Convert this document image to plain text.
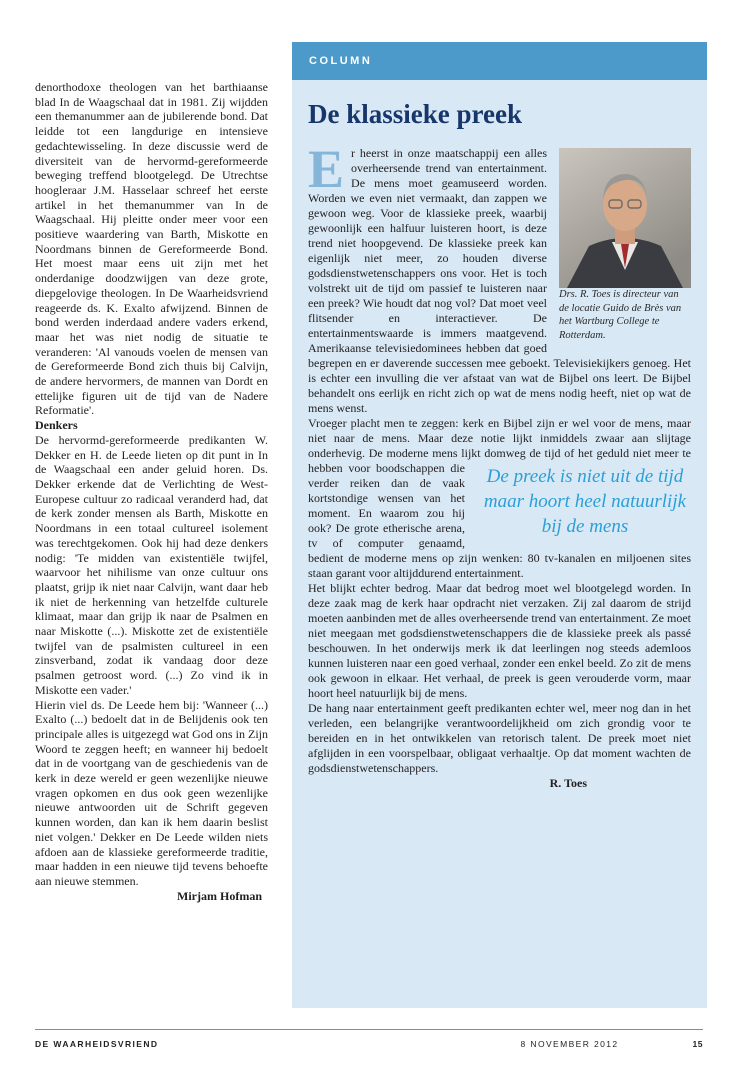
denorthodoxe theologen van het barthiaanse blad In de Waagschaal dat in 1981. Zij wijdden een themanummer aan de jubilerende bond. Dat leidde tot een langdurige en intensieve gedachtewisseling. In deze discussie werd de diversiteit van de hervormd-gereformeerde beweging treffend blootgelegd. De Utrechtse hoogleraar J.M. Hasselaar schreef het eerste artikel in het themanummer van In de Waagschaal. Hij pleitte onder meer voor een positieve waardering van Barth, Miskotte en Noordmans binnen de Gereformeerde Bond. Het moest maar eens uit zijn met het onderdanige doodzwijgen van deze grote, diepgelovige theologen. In De Waarheidsvriend reageerde ds. K. Exalto afwijzend. Binnen de bond werden inderdaad andere vaders erkend, maar het was niet nodig de situatie te veranderen: 'Al vanouds voelen de mensen van de Gereformeerde Bond zich thuis bij Calvijn, de andere hervormers, de mannen van Dordt en ettelijke figuren uit de tijd van de Nadere Reformatie'.

Denkers

De hervormd-gereformeerde predikanten W. Dekker en H. de Leede lieten op dit punt in In de Waagschaal een ander geluid horen. Ds. Dekker erkende dat de Verlichting de West-Europese cultuur zo radicaal veranderd had, dat de kerk zonder mensen als Barth, Miskotte en Noordmans in een totaal cultureel isolement was terechtgekomen. Ook hij had deze denkers nodig: 'Te midden van existentiële twijfel, waarvoor het nihilisme van onze cultuur ons plaatst, grijp ik niet naar Calvijn, want daar heb ik niet de herkenning van hetzelfde culturele klimaat, maar dan grijp ik naar de Psalmen en naar Miskotte (...). Miskotte zet de existentiële twijfel van de psalmisten cultureel in een zinsverband, zodat ik vandaag door deze psalmen getroost word. (...) Zo vind ik in Miskotte een vader.'

Hierin viel ds. De Leede hem bij: 'Wanneer (...) Exalto (...) bedoelt dat in de Belijdenis ook ten principale alles is uitgezegd wat God ons in Zijn Woord te zeggen heeft; en wanneer hij bedoelt dat in de voortgang van de geschiedenis van de kerk in deze wereld er geen wezenlijke nieuwe vragen opkomen en dus ook geen wezenlijke nieuwe antwoorden uit de Schrift gegeven kunnen worden, dan kan ik hem daarin beslist niet volgen.' Dekker en De Leede wilden niets afdoen aan de klassieke gereformeerde traditie, maar hadden in een nieuwe tijd tevens behoefte aan nieuwe stemmen.

Mirjam Hofman

COLUMN
De klassieke preek

Drs. R. Toes is directeur van de locatie Guido de Brès van het Wartburg College te Rotterdam.

Er heerst in onze maatschappij een alles overheersende trend van entertainment. De mens moet geamuseerd worden. Worden we even niet vermaakt, dan zappen we gewoon weg. Voor de klassieke preek, waarbij gewoonlijk een halfuur luisteren hoort, is deze trend niet hoopgevend. De klassieke preek kan eigenlijk niet meer, zo houden diverse godsdienstwetenschappers ons voor. Het is toch volstrekt uit de tijd om passief te luisteren naar een preek? Wie houdt dat nog vol? Dat moet veel flitsender en interactiever. De entertainmentswaarde is immers maatgevend. Amerikaanse televisiedominees hebben dat goed begrepen en er daverende successen mee geboekt. Televisiekijkers genoeg. Het is echter een invulling die ver afstaat van wat de Bijbel ons leert. De Bijbel behandelt ons eerlijk en richt zich op wat de mens nodig heeft, niet op wat de mens wenst.

Vroeger placht men te zeggen: kerk en Bijbel zijn er wel voor de mens, maar niet naar de mens. Maar deze notie lijkt inmiddels zwaar aan slijtage onderhevig. De moderne mens lijkt domweg de tijd of het geduld niet meer te hebben voor	De preek is niet uit de tijd maar hoort heel natuurlijk bij de mens
boodschappen die verder reiken dan de vaak kortstondige wensen van het moment. En waarom zou hij ook? De grote etherische arena, tv of computer genaamd, bedient de moderne mens op zijn wenken: 80 tv-kanalen en miljoenen sites staan garant voor altijddurend entertainment.

Het blijkt echter bedrog. Maar dat bedrog moet wel blootgelegd worden. In deze zaak mag de kerk haar opdracht niet verzaken. Zij zal daarom de strijd moeten aanbinden met de alles overheersende trend van entertainment. Ze moet niet meegaan met godsdienstwetenschappers die de klassieke preek als passé beschouwen. In het onderwijs merk ik dat leerlingen nog steeds ademloos kunnen luisteren naar een goed verhaal, zonder een enkel beeld. Zo zit de mens ook gewoon in elkaar. Het verhaal, de preek is geen verouderde vorm, maar hoort heel natuurlijk bij de mens.

De hang naar entertainment geeft predikanten echter wel, meer nog dan in het verleden, een belangrijke verantwoordelijkheid om zich grondig voor te bereiden en in het ontwikkelen van retorisch talent. De preek moet niet afglijden in een voorspelbaar, obligaat verhaaltje. Op dat moment wachten de godsdienstwetenschappers.

R. Toes

DE WAARHEIDSVRIEND	8 NOVEMBER 2012	15
